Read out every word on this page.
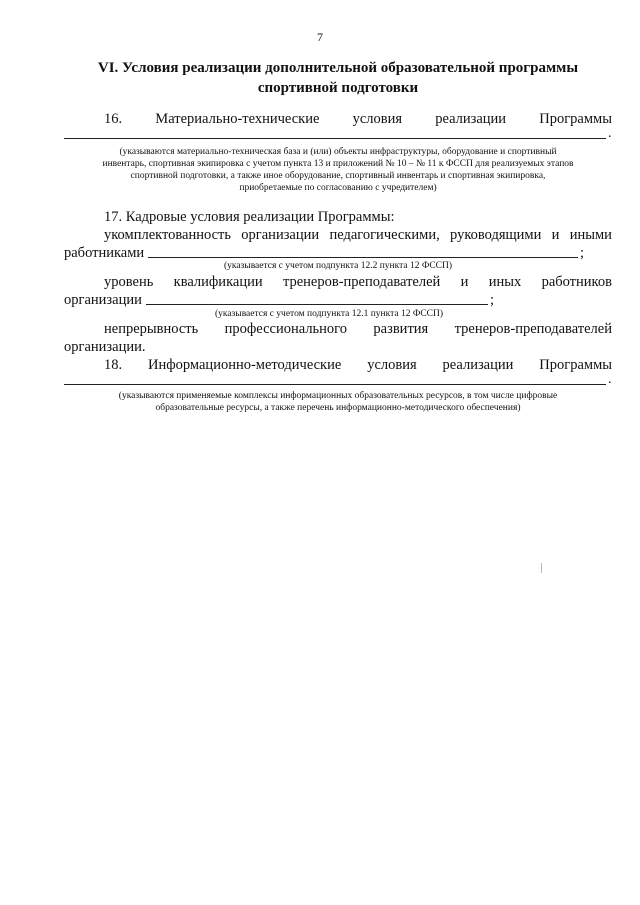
7
VI. Условия реализации дополнительной образовательной программы
спортивной подготовки
16. Материально-технические условия реализации Программы
.
(указываются материально-техническая база и (или) объекты инфраструктуры, оборудование и спортивный
инвентарь, спортивная экипировка с учетом пункта 13 и приложений № 10 – № 11 к ФССП для реализуемых этапов
спортивной подготовки, а также иное оборудование, спортивный инвентарь и спортивная экипировка,
приобретаемые по согласованию с учредителем)
17. Кадровые условия реализации Программы:
укомплектованность организации педагогическими, руководящими и иными
работниками	;
(указывается с учетом подпункта 12.2 пункта 12 ФССП)
уровень квалификации тренеров-преподавателей и иных работников
организации	;
(указывается с учетом подпункта 12.1 пункта 12 ФССП)
непрерывность профессионального развития тренеров-преподавателей
организации.
18. Информационно-методические условия реализации Программы
.
(указываются применяемые комплексы информационных образовательных ресурсов, в том числе цифровые
образовательные ресурсы, а также перечень информационно-методического обеспечения)
